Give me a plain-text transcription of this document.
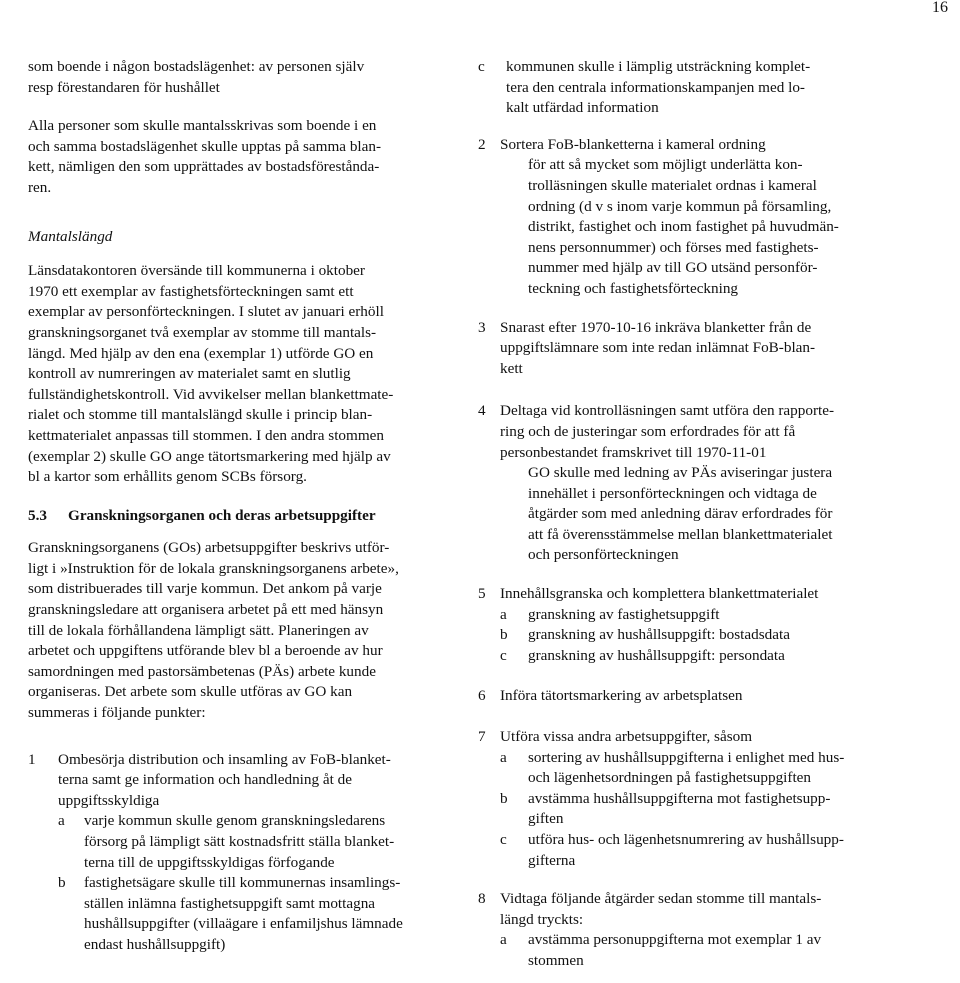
16

som boende i någon bostadslägenhet: av personen själv
resp förestandaren för hushållet

Alla personer som skulle mantalsskrivas som boende i en
och samma bostadslägenhet skulle upptas på samma blan-
kett, nämligen den som upprättades av bostadsföreståndа-
ren.

Mantalslängd

Länsdatakontoren översände till kommunerna i oktober
1970 ett exemplar av fastighetsförteckningen samt ett
exemplar av personförteckningen. I slutet av januari erhöll
granskningsorganet två exemplar av stomme till mantals-
längd. Med hjälp av den ena (exemplar 1) utförde GO en
kontroll av numreringen av materialet samt en slutlig
fullständighetskontroll. Vid avvikelser mellan blankettmate-
rialet och stomme till mantalslängd skulle i princip blan-
kettmaterialet anpassas till stommen. I den andra stommen
(exemplar 2) skulle GO ange tätortsmarkering med hjälp av
bl a kartor som erhållits genom SCBs försorg.

5.3	Granskningsorganen och deras arbetsuppgifter

Granskningsorganens (GOs) arbetsuppgifter beskrivs utför-
ligt i »Instruktion för de lokala granskningsorganens arbete»,
som distribuerades till varje kommun. Det ankom på varje
granskningsledare att organisera arbetet på ett med hänsyn
till de lokala förhållandena lämpligt sätt. Planeringen av
arbetet och uppgiftens utförande blev bl a beroende av hur
samordningen med pastorsämbetenas (PÄs) arbete kunde
organiseras. Det arbete som skulle utföras av GO kan
summeras i följande punkter:

1	Ombesörja distribution och insamling av FoB-blanket-
terna samt ge information och handledning åt de
uppgiftsskyldiga

a	varje kommun skulle genom granskningsledarens
försorg på lämpligt sätt kostnadsfritt ställa blanket-
terna till de uppgiftsskyldigas förfogande

b	fastighetsägare skulle till kommunernas insamlings-
ställen inlämna fastighetsuppgift samt mottagna
hushållsuppgifter (villaägare i enfamiljshus lämnade
endast hushållsuppgift)

c	kommunen skulle i lämplig utsträckning komplet-
tera den centrala informationskampanjen med lo-
kalt utfärdad information

2 Sortera FoB-blanketterna i kameral ordning

för att så mycket som möjligt underlätta kon-
trolläsningen skulle materialet ordnas i kameral
ordning (d v s inom varje kommun på församling,
distrikt, fastighet och inom fastighet på huvudmän-
nens personnummer) och förses med fastighets-
nummer med hjälp av till GO utsänd personför-
teckning och fastighetsförteckning

3 Snarast efter 1970-10-16 inkräva blanketter från de
uppgiftslämnare som inte redan inlämnat FoB-blan-
kett

4 Deltaga vid kontrolläsningen samt utföra den rapporte-
ring och de justeringar som erfordrades för att få
personbestandet framskrivet till 1970-11-01

GO skulle med ledning av PÄs aviseringar justera
innehället i personförteckningen och vidtaga de
åtgärder som med anledning därav erfordrades för
att få överensstämmelse mellan blankettmaterialet
och personförteckningen

5 Innehållsgranska och komplettera blankettmaterialet

a	granskning av fastighetsuppgift

b	granskning av hushållsuppgift: bostadsdata

c	granskning av hushållsuppgift: persondata

6 Införa tätortsmarkering av arbetsplatsen

7 Utföra vissa andra arbetsuppgifter, såsom

a	sortering av hushållsuppgifterna i enlighet med hus-
och lägenhetsordningen på fastighetsuppgiften

b	avstämma hushållsuppgifterna mot fastighetsupp-
giften

c	utföra hus- och lägenhetsnumrering av hushållsupp-
gifterna

8 Vidtaga följande åtgärder sedan stomme till mantals-
längd tryckts:

a	avstämma personuppgifterna mot exemplar 1 av
stommen
